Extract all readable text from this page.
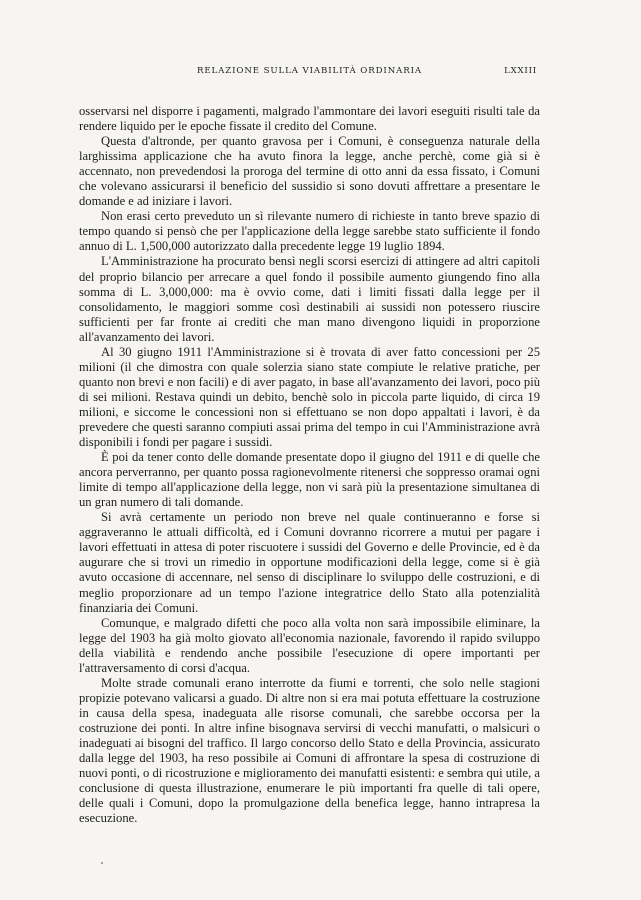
RELAZIONE SULLA VIABILITÀ ORDINARIA	LXXIII

osservarsi nel disporre i pagamenti, malgrado l'ammontare dei lavori eseguiti risulti tale da rendere liquido per le epoche fissate il credito del Comune.

Questa d'altronde, per quanto gravosa per i Comuni, è conseguenza naturale della larghissima applicazione che ha avuto finora la legge, anche perchè, come già si è accennato, non prevedendosi la proroga del termine di otto anni da essa fissato, i Comuni che volevano assicurarsi il beneficio del sussidio si sono dovuti affrettare a presentare le domande e ad iniziare i lavori.

Non erasi certo preveduto un sì rilevante numero di richieste in tanto breve spazio di tempo quando si pensò che per l'applicazione della legge sarebbe stato sufficiente il fondo annuo di L. 1,500,000 autorizzato dalla precedente legge 19 luglio 1894.

L'Amministrazione ha procurato bensì negli scorsi esercizi di attingere ad altri capitoli del proprio bilancio per arrecare a quel fondo il possibile aumento giungendo fino alla somma di L. 3,000,000: ma è ovvio come, dati i limiti fissati dalla legge per il consolidamento, le maggiori somme così destinabili ai sussidi non potessero riuscire sufficienti per far fronte ai crediti che man mano divengono liquidi in proporzione all'avanzamento dei lavori.

Al 30 giugno 1911 l'Amministrazione si è trovata di aver fatto concessioni per 25 milioni (il che dimostra con quale solerzia siano state compiute le relative pratiche, per quanto non brevi e non facili) e di aver pagato, in base all'avanzamento dei lavori, poco più di sei milioni. Restava quindi un debito, benchè solo in piccola parte liquido, di circa 19 milioni, e siccome le concessioni non si effettuano se non dopo appaltati i lavori, è da prevedere che questi saranno compiuti assai prima del tempo in cui l'Amministrazione avrà disponibili i fondi per pagare i sussidi.

È poi da tener conto delle domande presentate dopo il giugno del 1911 e di quelle che ancora perverranno, per quanto possa ragionevolmente ritenersi che soppresso oramai ogni limite di tempo all'applicazione della legge, non vi sarà più la presentazione simultanea di un gran numero di tali domande.

Si avrà certamente un periodo non breve nel quale continueranno e forse si aggraveranno le attuali difficoltà, ed i Comuni dovranno ricorrere a mutui per pagare i lavori effettuati in attesa di poter riscuotere i sussidi del Governo e delle Provincie, ed è da augurare che si trovi un rimedio in opportune modificazioni della legge, come si è già avuto occasione di accennare, nel senso di disciplinare lo sviluppo delle costruzioni, e di meglio proporzionare ad un tempo l'azione integratrice dello Stato alla potenzialità finanziaria dei Comuni.

Comunque, e malgrado difetti che poco alla volta non sarà impossibile eliminare, la legge del 1903 ha già molto giovato all'economia nazionale, favorendo il rapido sviluppo della viabilità e rendendo anche possibile l'esecuzione di opere importanti per l'attraversamento di corsi d'acqua.

Molte strade comunali erano interrotte da fiumi e torrenti, che solo nelle stagioni propizie potevano valicarsi a guado. Di altre non si era mai potuta effettuare la costruzione in causa della spesa, inadeguata alle risorse comunali, che sarebbe occorsa per la costruzione dei ponti. In altre infine bisognava servirsi di vecchi manufatti, o malsicuri o inadeguati ai bisogni del traffico. Il largo concorso dello Stato e della Provincia, assicurato dalla legge del 1903, ha reso possibile ai Comuni di affrontare la spesa di costruzione di nuovi ponti, o di ricostruzione e miglioramento dei manufatti esistenti: e sembra qui utile, a conclusione di questa illustrazione, enumerare le più importanti fra quelle di tali opere, delle quali i Comuni, dopo la promulgazione della benefica legge, hanno intrapresa la esecuzione.
